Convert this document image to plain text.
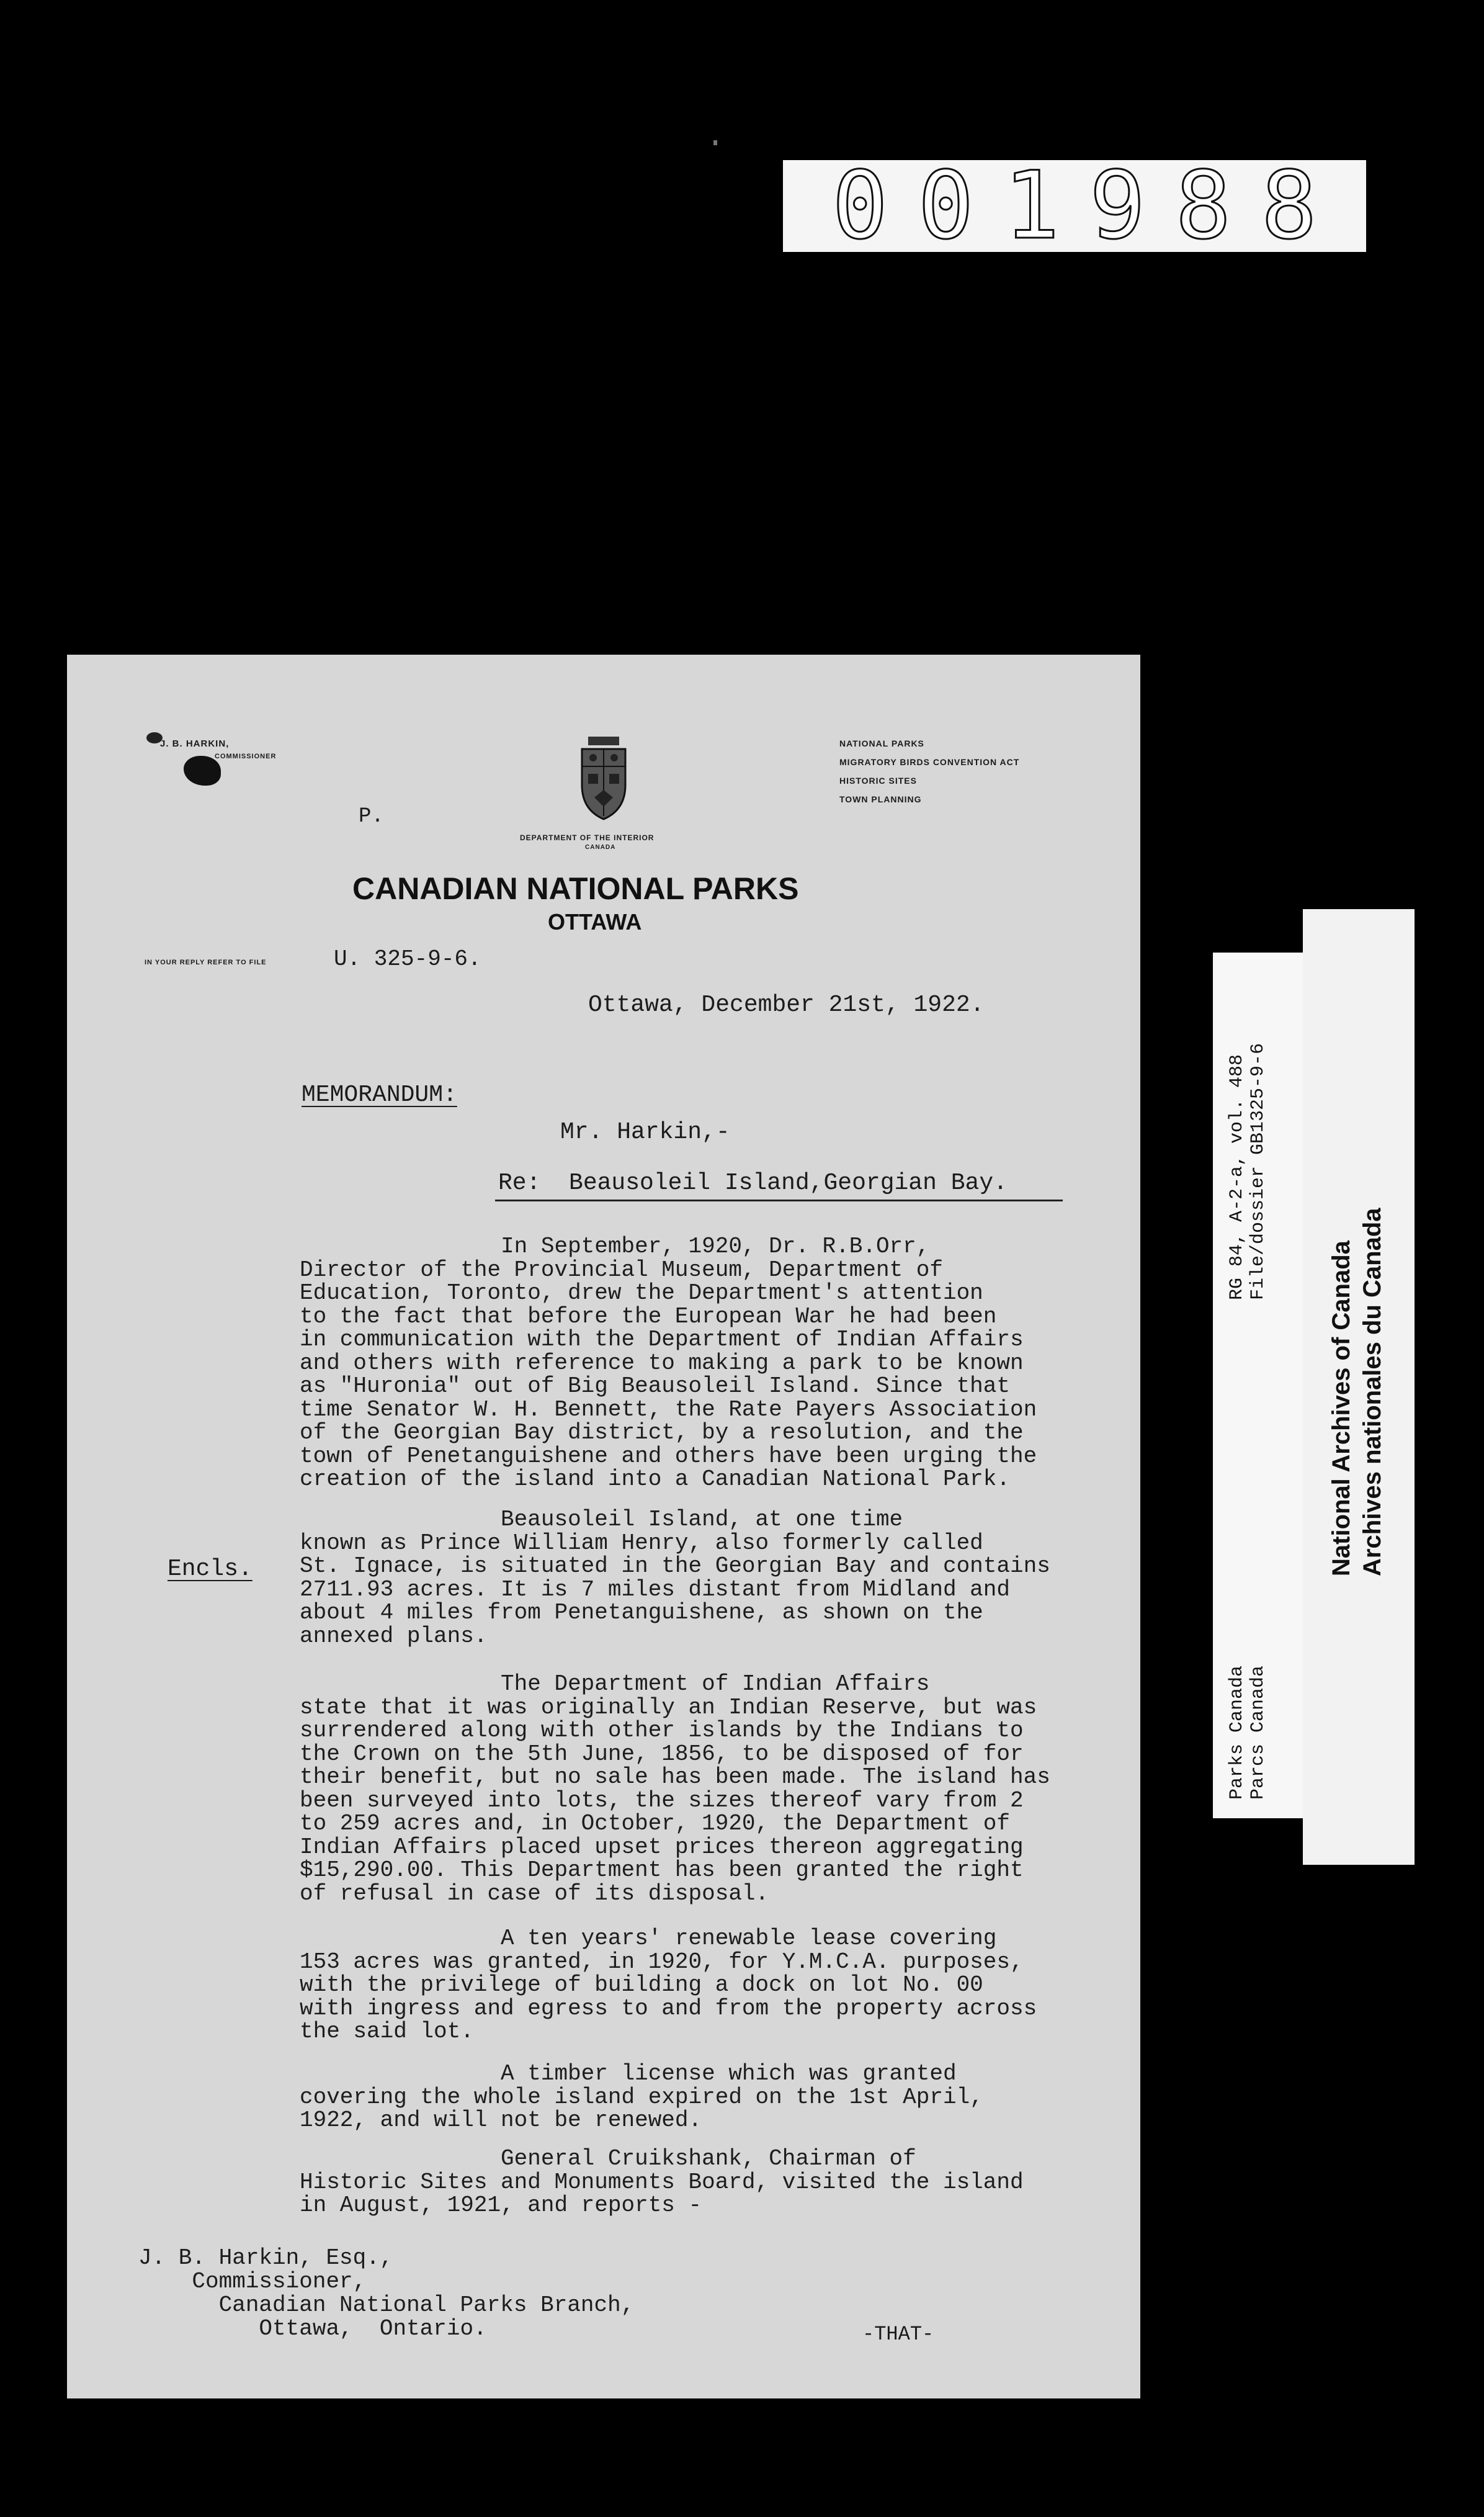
001988
J. B. HARKIN,
COMMISSIONER
DEPARTMENT OF THE INTERIOR
CANADA
NATIONAL PARKS
MIGRATORY BIRDS CONVENTION ACT
HISTORIC SITES
TOWN PLANNING
P.
CANADIAN NATIONAL PARKS
OTTAWA
IN YOUR REPLY REFER TO FILE	U. 325-9-6.
Ottawa, December 21st, 1922.
MEMORANDUM:
Mr. Harkin,-
Re:  Beausoleil Island,Georgian Bay.
Encls.
In September, 1920, Dr. R.B.Orr,
Director of the Provincial Museum, Department of
Education, Toronto, drew the Department's attention
to the fact that before the European War he had been
in communication with the Department of Indian Affairs
and others with reference to making a park to be known
as "Huronia" out of Big Beausoleil Island. Since that
time Senator W. H. Bennett, the Rate Payers Association
of the Georgian Bay district, by a resolution, and the
town of Penetanguishene and others have been urging the
creation of the island into a Canadian National Park.
Beausoleil Island, at one time
known as Prince William Henry, also formerly called
St. Ignace, is situated in the Georgian Bay and contains
2711.93 acres. It is 7 miles distant from Midland and
about 4 miles from Penetanguishene, as shown on the
annexed plans.
The Department of Indian Affairs
state that it was originally an Indian Reserve, but was
surrendered along with other islands by the Indians to
the Crown on the 5th June, 1856, to be disposed of for
their benefit, but no sale has been made. The island has
been surveyed into lots, the sizes thereof vary from 2
to 259 acres and, in October, 1920, the Department of
Indian Affairs placed upset prices thereon aggregating
$15,290.00. This Department has been granted the right
of refusal in case of its disposal.
A ten years' renewable lease covering
153 acres was granted, in 1920, for Y.M.C.A. purposes,
with the privilege of building a dock on lot No. 00
with ingress and egress to and from the property across
the said lot.
A timber license which was granted
covering the whole island expired on the 1st April,
1922, and will not be renewed.
General Cruikshank, Chairman of
Historic Sites and Monuments Board, visited the island
in August, 1921, and reports -
J. B. Harkin, Esq.,
Commissioner,
Canadian National Parks Branch,
Ottawa,  Ontario.	-THAT-
RG 84, A-2-a, vol. 488 File/dossier GB1325-9-6
Parks Canada Parcs Canada
National Archives of Canada Archives nationales du Canada
